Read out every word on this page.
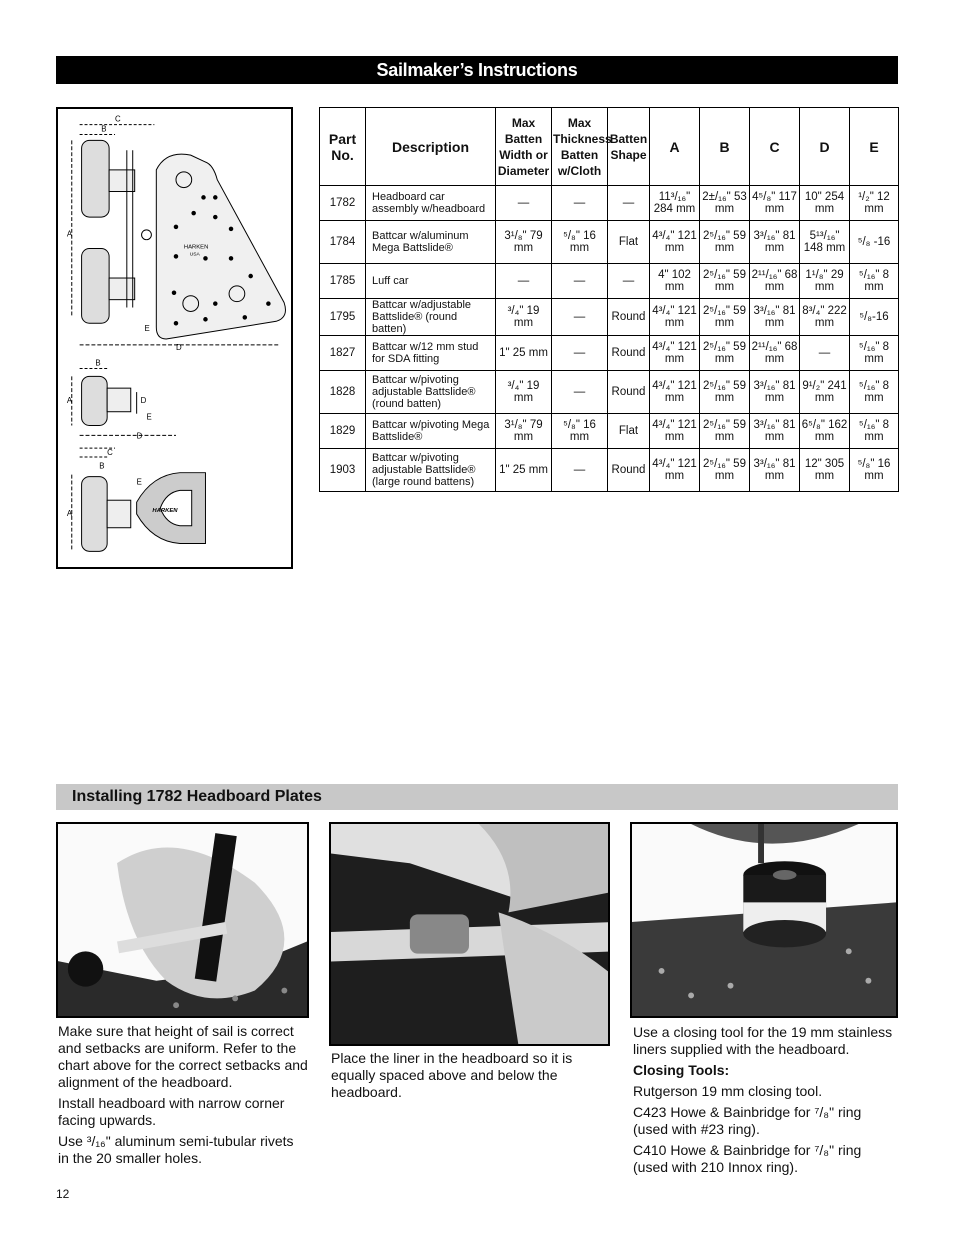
Sailmaker’s Instructions
C
B
A
E
D
B
A	D
E
D
C
B
E
A
HARKEN
USA
HARKEN
Part No.	Description	Max Batten Width or Diameter	Max Thickness Batten w/Cloth	Batten Shape	A	B	C	D	E
1782	Headboard car assembly w/headboard	—	—	—	11³/₁₆" 284 mm	2±/₁₆" 53 mm	4⁵/₈" 117 mm	10" 254 mm	¹/₂" 12 mm
1784	Battcar w/aluminum Mega Battslide®	3¹/₈" 79 mm	⁵/₈" 16 mm	Flat	4³/₄" 121 mm	2⁵/₁₆" 59 mm	3³/₁₆" 81 mm	5¹³/₁₆" 148 mm	⁵/₈ -16
1785	Luff car	—	—	—	4" 102 mm	2⁵/₁₆" 59 mm	2¹¹/₁₆" 68 mm	1¹/₈" 29 mm	⁵/₁₆" 8 mm
1795	Battcar w/adjustable Battslide® (round batten)	³/₄" 19 mm	—	Round	4³/₄" 121 mm	2⁵/₁₆" 59 mm	3³/₁₆" 81 mm	8³/₄" 222 mm	⁵/₈-16
1827	Battcar w/12 mm stud for SDA fitting	1" 25 mm	—	Round	4³/₄" 121 mm	2⁵/₁₆" 59 mm	2¹¹/₁₆" 68 mm	—	⁵/₁₆" 8 mm
1828	Battcar w/pivoting adjustable Battslide® (round batten)	³/₄" 19 mm	—	Round	4³/₄" 121 mm	2⁵/₁₆" 59 mm	3³/₁₆" 81 mm	9¹/₂" 241 mm	⁵/₁₆" 8 mm
1829	Battcar w/pivoting Mega Battslide®	3¹/₈" 79 mm	⁵/₈" 16 mm	Flat	4³/₄" 121 mm	2⁵/₁₆" 59 mm	3³/₁₆" 81 mm	6⁵/₈" 162 mm	⁵/₁₆" 8 mm
1903	Battcar w/pivoting adjustable Battslide® (large round battens)	1" 25 mm	—	Round	4³/₄" 121 mm	2⁵/₁₆" 59 mm	3³/₁₆" 81 mm	12" 305 mm	⁵/₈" 16 mm
Installing 1782 Headboard Plates

Make sure that height of sail is correct and setbacks are uniform. Refer to the chart above for the correct setbacks and alignment of the headboard.

Install headboard with narrow corner facing upwards.

Use ³/₁₆" aluminum semi-tubular rivets in the 20 smaller holes.

Place the liner in the headboard so it is equally spaced above and below the headboard.

Use a closing tool for the 19 mm stainless liners supplied with the headboard.

Closing Tools:

Rutgerson 19 mm closing tool.

C423 Howe & Bainbridge for ⁷/₈" ring (used with #23 ring).

C410 Howe & Bainbridge for ⁷/₈" ring (used with 210 Innox ring).

12
